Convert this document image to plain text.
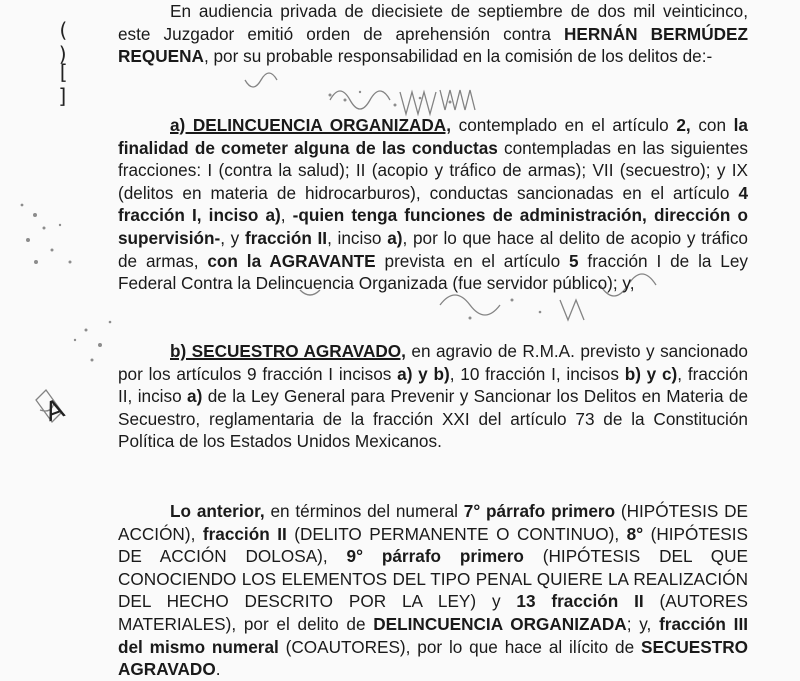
( )
[ ]
A
En audiencia privada de diecisiete de septiembre de dos mil veinticinco, este Juzgador emitió orden de aprehensión contra HERNÁN BERMÚDEZ REQUENA, por su probable responsabilidad en la comisión de los delitos de:-
a) DELINCUENCIA ORGANIZADA, contemplado en el artículo 2, con la finalidad de cometer alguna de las conductas contempladas en las siguientes fracciones: I (contra la salud); II (acopio y tráfico de armas); VII (secuestro); y IX (delitos en materia de hidrocarburos), conductas sancionadas en el artículo 4 fracción I, inciso a), -quien tenga funciones de administración, dirección o supervisión-, y fracción II, inciso a), por lo que hace al delito de acopio y tráfico de armas, con la AGRAVANTE prevista en el artículo 5 fracción I de la Ley Federal Contra la Delincuencia Organizada (fue servidor público); y,
b) SECUESTRO AGRAVADO, en agravio de R.M.A. previsto y sancionado por los artículos 9 fracción I incisos a) y b), 10 fracción I, incisos b) y c), fracción II, inciso a) de la Ley General para Prevenir y Sancionar los Delitos en Materia de Secuestro, reglamentaria de la fracción XXI del artículo 73 de la Constitución Política de los Estados Unidos Mexicanos.
Lo anterior, en términos del numeral 7° párrafo primero (HIPÓTESIS DE ACCIÓN), fracción II (DELITO PERMANENTE O CONTINUO), 8° (HIPÓTESIS DE ACCIÓN DOLOSA), 9° párrafo primero (HIPÓTESIS DEL QUE CONOCIENDO LOS ELEMENTOS DEL TIPO PENAL QUIERE LA REALIZACIÓN DEL HECHO DESCRITO POR LA LEY) y 13 fracción II (AUTORES MATERIALES), por el delito de DELINCUENCIA ORGANIZADA; y, fracción III del mismo numeral (COAUTORES), por lo que hace al ilícito de SECUESTRO AGRAVADO.
